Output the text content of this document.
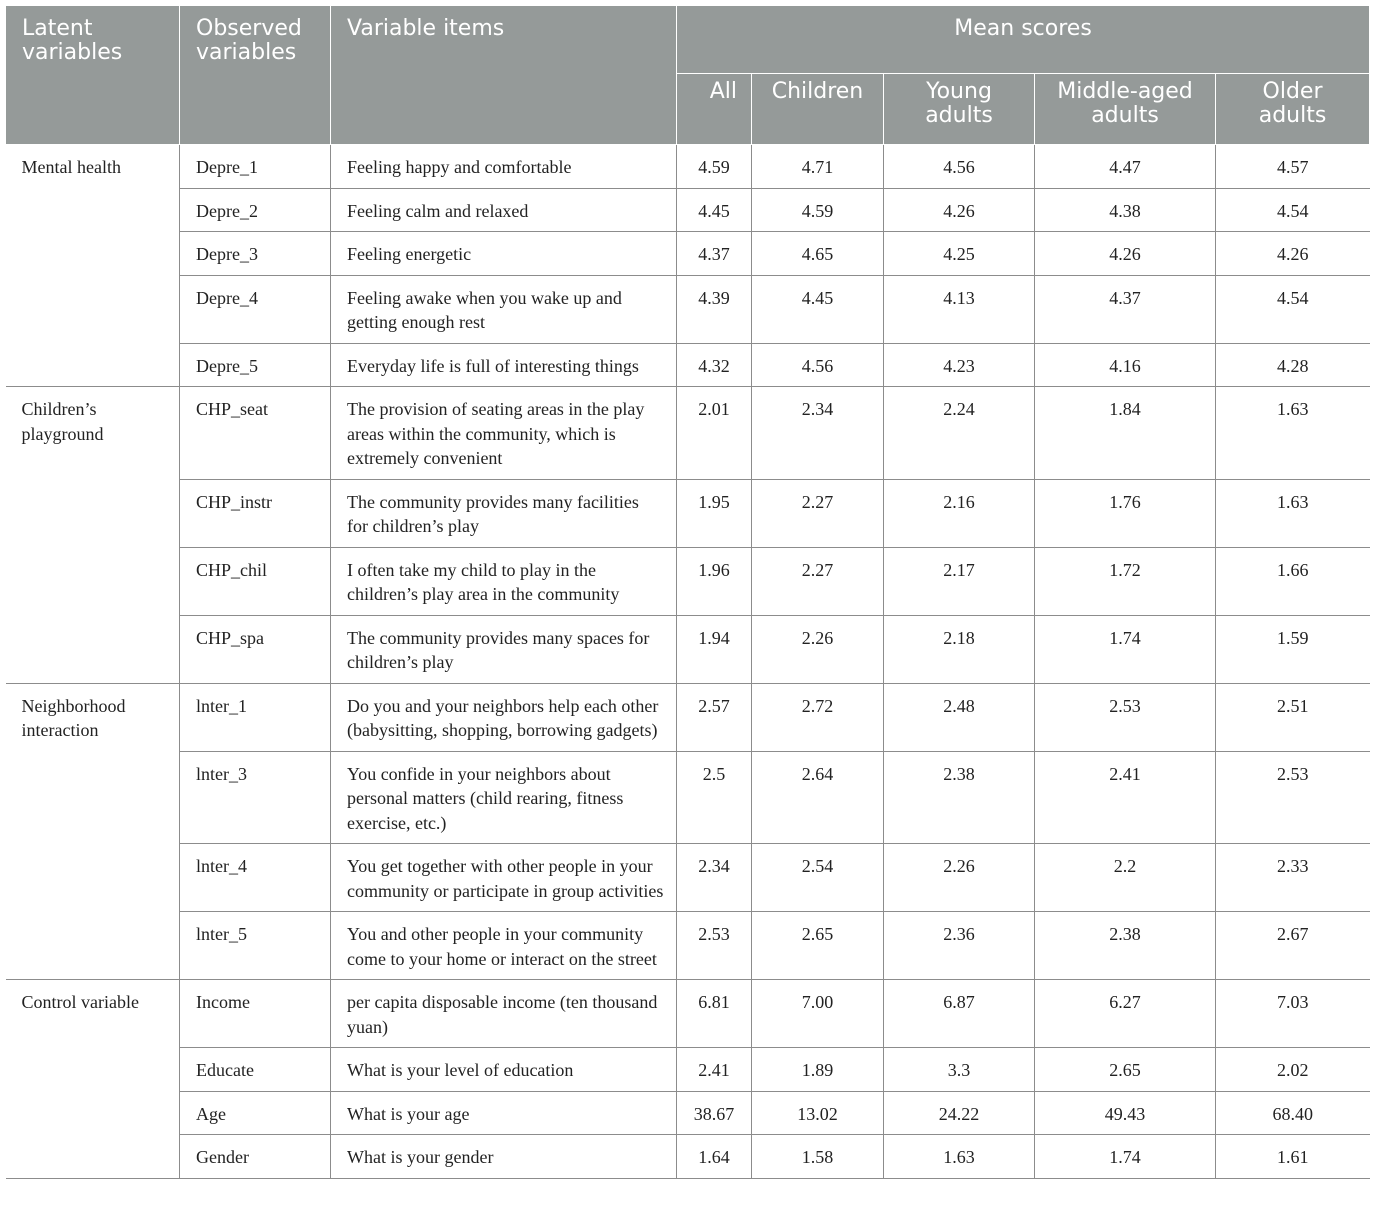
Latent variables	Observed variables	Variable items	Mean scores				
			All	Children	Young adults	Middle-aged adults	Older adults
Mental health	Depre_1	Feeling happy and comfortable	4.59	4.71	4.56	4.47	4.57
	Depre_2	Feeling calm and relaxed	4.45	4.59	4.26	4.38	4.54
	Depre_3	Feeling energetic	4.37	4.65	4.25	4.26	4.26
	Depre_4	Feeling awake when you wake up and getting enough rest	4.39	4.45	4.13	4.37	4.54
	Depre_5	Everyday life is full of interesting things	4.32	4.56	4.23	4.16	4.28
Children’s playground	CHP_seat	The provision of seating areas in the play areas within the community, which is extremely convenient	2.01	2.34	2.24	1.84	1.63
	CHP_instr	The community provides many facilities for children’s play	1.95	2.27	2.16	1.76	1.63
	CHP_chil	I often take my child to play in the children’s play area in the community	1.96	2.27	2.17	1.72	1.66
	CHP_spa	The community provides many spaces for children’s play	1.94	2.26	2.18	1.74	1.59
Neighborhood interaction	lnter_1	Do you and your neighbors help each other (babysitting, shopping, borrowing gadgets)	2.57	2.72	2.48	2.53	2.51
	lnter_3	You confide in your neighbors about personal matters (child rearing, fitness exercise, etc.)	2.5	2.64	2.38	2.41	2.53
	lnter_4	You get together with other people in your community or participate in group activities	2.34	2.54	2.26	2.2	2.33
	lnter_5	You and other people in your community come to your home or interact on the street	2.53	2.65	2.36	2.38	2.67
Control variable	Income	per capita disposable income (ten thousand yuan)	6.81	7.00	6.87	6.27	7.03
	Educate	What is your level of education	2.41	1.89	3.3	2.65	2.02
	Age	What is your age	38.67	13.02	24.22	49.43	68.40
	Gender	What is your gender	1.64	1.58	1.63	1.74	1.61
